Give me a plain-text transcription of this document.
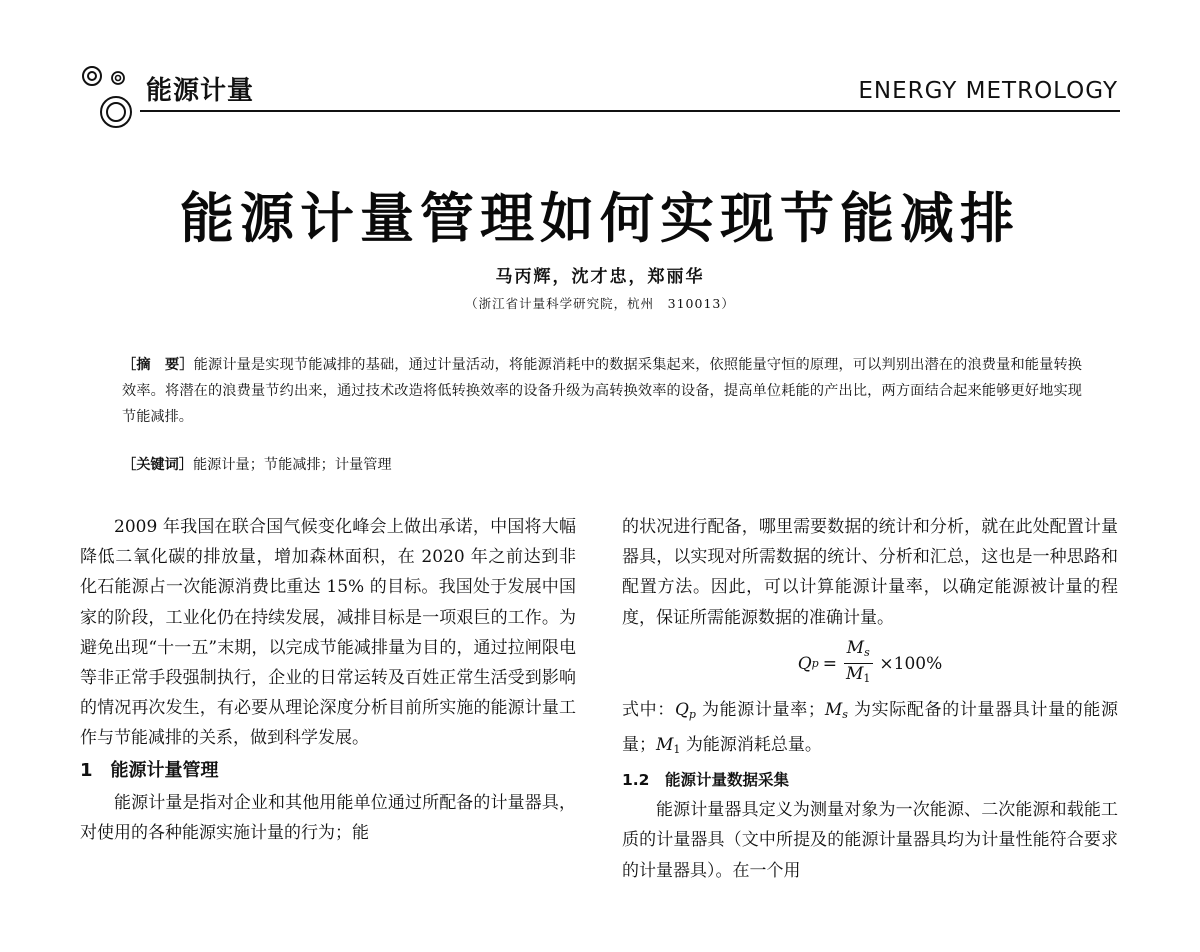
能源计量	ENERGY METROLOGY
能源计量管理如何实现节能减排
马丙辉，沈才忠，郑丽华
（浙江省计量科学研究院，杭州　310013）
［摘　要］能源计量是实现节能减排的基础，通过计量活动，将能源消耗中的数据采集起来，依照能量守恒的原理，可以判别出潜在的浪费量和能量转换效率。将潜在的浪费量节约出来，通过技术改造将低转换效率的设备升级为高转换效率的设备，提高单位耗能的产出比，两方面结合起来能够更好地实现节能减排。
［关键词］能源计量；节能减排；计量管理

2009 年我国在联合国气候变化峰会上做出承诺，中国将大幅降低二氧化碳的排放量，增加森林面积，在 2020 年之前达到非化石能源占一次能源消费比重达 15% 的目标。我国处于发展中国家的阶段，工业化仍在持续发展，减排目标是一项艰巨的工作。为避免出现“十一五”末期，以完成节能减排量为目的，通过拉闸限电等非正常手段强制执行，企业的日常运转及百姓正常生活受到影响的情况再次发生，有必要从理论深度分析目前所实施的能源计量工作与节能减排的关系，做到科学发展。

1　能源计量管理

能源计量是指对企业和其他用能单位通过所配备的计量器具，对使用的各种能源实施计量的行为；能

的状况进行配备，哪里需要数据的统计和分析，就在此处配置计量器具，以实现对所需数据的统计、分析和汇总，这也是一种思路和配置方法。因此，可以计算能源计量率，以确定能源被计量的程度，保证所需能源数据的准确计量。

Q $p = \frac{M_s}{M_1} \times 100\%$

式中：$Q_p$ 为能源计量率；$M_s$ 为实际配备的计量器具计量的能源量；$M_1$ 为能源消耗总量。

1.2　能源计量数据采集

能源计量器具定义为测量对象为一次能源、二次能源和载能工质的计量器具（文中所提及的能源计量器具均为计量性能符合要求的计量器具）。在一个用
